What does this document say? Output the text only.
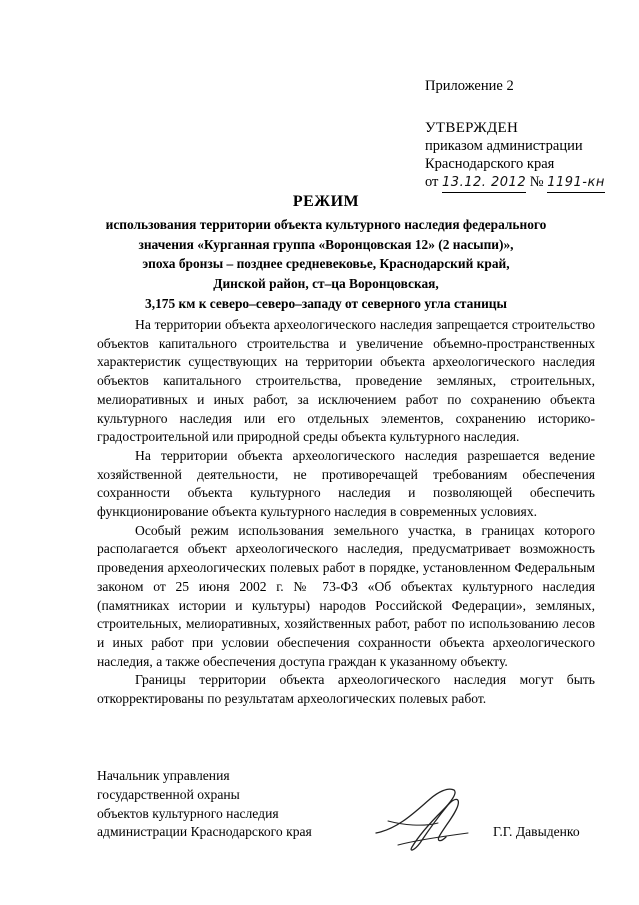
Приложение 2
УТВЕРЖДЕН
приказом администрации
Краснодарского края
от 13.12. 2012 № 1191-кн
РЕЖИМ
использования территории объекта культурного наследия федерального
значения «Курганная группа «Воронцовская 12» (2 насыпи)»,
эпоха бронзы – позднее средневековье, Краснодарский край,
Динской район, ст–ца Воронцовская,
3,175 км к северо–северо–западу от северного угла станицы

На территории объекта археологического наследия запрещается строительство объектов капитального строительства и увеличение объемно-пространственных характеристик существующих на территории объекта археологического наследия объектов капитального строительства, проведение земляных, строительных, мелиоративных и иных работ, за исключением работ по сохранению объекта культурного наследия или его отдельных элементов, сохранению историко-градостроительной или природной среды объекта культурного наследия.

На территории объекта археологического наследия разрешается ведение хозяйственной деятельности, не противоречащей требованиям обеспечения сохранности объекта культурного наследия и позволяющей обеспечить функционирование объекта культурного наследия в современных условиях.

Особый режим использования земельного участка, в границах которого располагается объект археологического наследия, предусматривает возможность проведения археологических полевых работ в порядке, установленном Федеральным законом от 25 июня 2002 г. № 73-ФЗ «Об объектах культурного наследия (памятниках истории и культуры) народов Российской Федерации», земляных, строительных, мелиоративных, хозяйственных работ, работ по использованию лесов и иных работ при условии обеспечения сохранности объекта археологического наследия, а также обеспечения доступа граждан к указанному объекту.

Границы территории объекта археологического наследия могут быть откорректированы по результатам археологических полевых работ.

Начальник управления
государственной охраны
объектов культурного наследия
администрации Краснодарского края	Г.Г. Давыденко
